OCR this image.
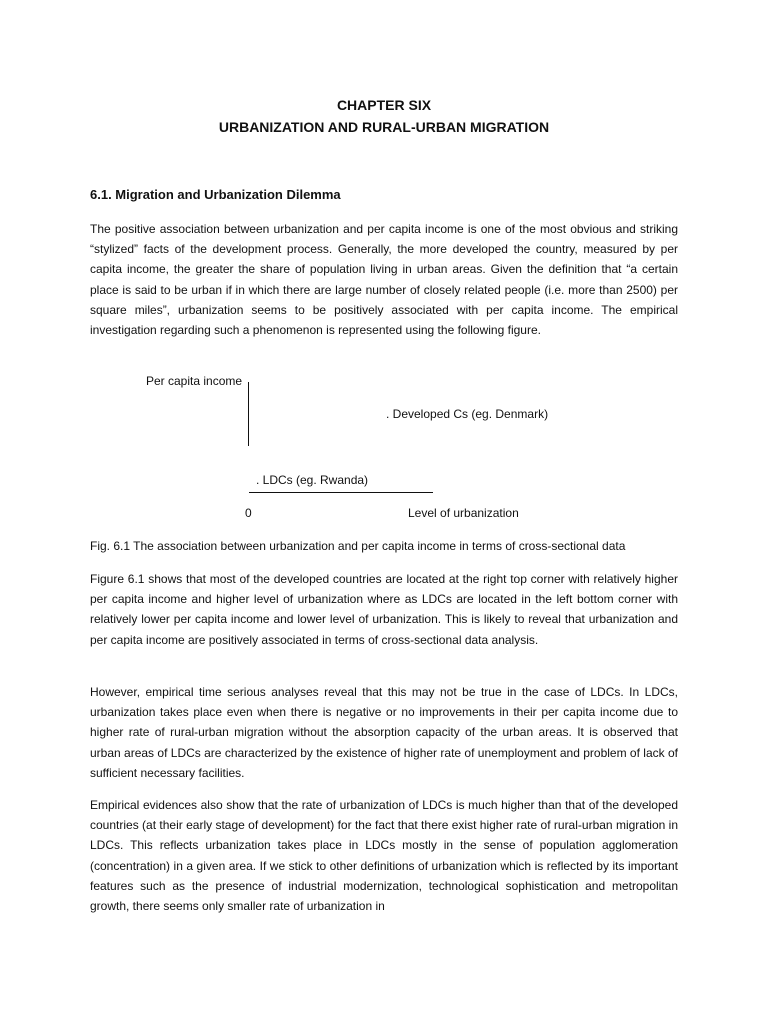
CHAPTER SIX
URBANIZATION AND RURAL-URBAN MIGRATION
6.1. Migration and Urbanization Dilemma

The positive association between urbanization and per capita income is one of the most obvious and striking “stylized” facts of the development process. Generally, the more developed the country, measured by per capita income, the greater the share of population living in urban areas. Given the definition that “a certain place is said to be urban if in which there are large number of closely related people (i.e. more than 2500) per square miles”, urbanization seems to be positively associated with per capita income. The empirical investigation regarding such a phenomenon is represented using the following figure.

Per capita income
. Developed Cs (eg. Denmark)
. LDCs (eg. Rwanda)
0	Level of urbanization
Fig. 6.1 The association between urbanization and per capita income in terms of cross-sectional data

Figure 6.1 shows that most of the developed countries are located at the right top corner with relatively higher per capita income and higher level of urbanization where as LDCs are located in the left bottom corner with relatively lower per capita income and lower level of urbanization. This is likely to reveal that urbanization and per capita income are positively associated in terms of cross-sectional data analysis.

However, empirical time serious analyses reveal that this may not be true in the case of LDCs. In LDCs, urbanization takes place even when there is negative or no improvements in their per capita income due to higher rate of rural-urban migration without the absorption capacity of the urban areas. It is observed that urban areas of LDCs are characterized by the existence of higher rate of unemployment and problem of lack of sufficient necessary facilities.

Empirical evidences also show that the rate of urbanization of LDCs is much higher than that of the developed countries (at their early stage of development) for the fact that there exist higher rate of rural-urban migration in LDCs. This reflects urbanization takes place in LDCs mostly in the sense of population agglomeration (concentration) in a given area. If we stick to other definitions of urbanization which is reflected by its important features such as the presence of industrial modernization, technological sophistication and metropolitan growth, there seems only smaller rate of urbanization in
